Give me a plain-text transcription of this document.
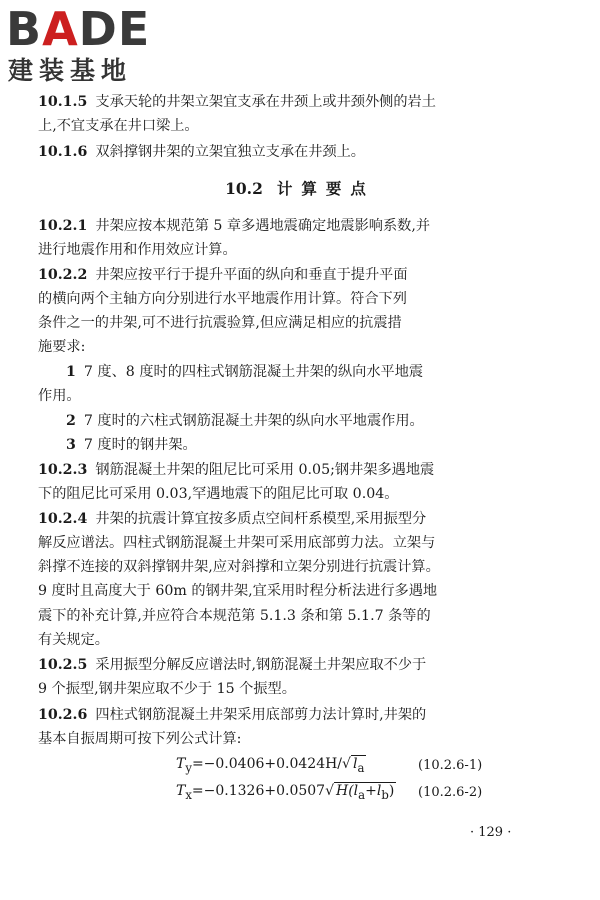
BADE
建装基地
10.1.5 支承天轮的井架立架宜支承在井颈上或井颈外侧的岩土
上,不宜支承在井口梁上。
10.1.6 双斜撑钢井架的立架宜独立支承在井颈上。
10.2 计算要点
10.2.1 井架应按本规范第 5 章多遇地震确定地震影响系数,并
进行地震作用和作用效应计算。
10.2.2 井架应按平行于提升平面的纵向和垂直于提升平面
的横向两个主轴方向分别进行水平地震作用计算。符合下列
条件之一的井架,可不进行抗震验算,但应满足相应的抗震措
施要求:
1 7 度、8 度时的四柱式钢筋混凝土井架的纵向水平地震
作用。
2 7 度时的六柱式钢筋混凝土井架的纵向水平地震作用。
3 7 度时的钢井架。
10.2.3 钢筋混凝土井架的阻尼比可采用 0.05;钢井架多遇地震
下的阻尼比可采用 0.03,罕遇地震下的阻尼比可取 0.04。
10.2.4 井架的抗震计算宜按多质点空间杆系模型,采用振型分
解反应谱法。四柱式钢筋混凝土井架可采用底部剪力法。立架与
斜撑不连接的双斜撑钢井架,应对斜撑和立架分别进行抗震计算。
9 度时且高度大于 60m 的钢井架,宜采用时程分析法进行多遇地
震下的补充计算,并应符合本规范第 5.1.3 条和第 5.1.7 条等的
有关规定。
10.2.5 采用振型分解反应谱法时,钢筋混凝土井架应取不少于
9 个振型,钢井架应取不少于 15 个振型。
10.2.6 四柱式钢筋混凝土井架采用底部剪力法计算时,井架的
基本自振周期可按下列公式计算:
$T_y=-0.0406+0.0424H/√$ $l_a$	(10.2.6-1)
$T_x=-0.1326+0.0507√$ $H(l_a+l_b)$ (10.2.6-2)
· 129 ·
